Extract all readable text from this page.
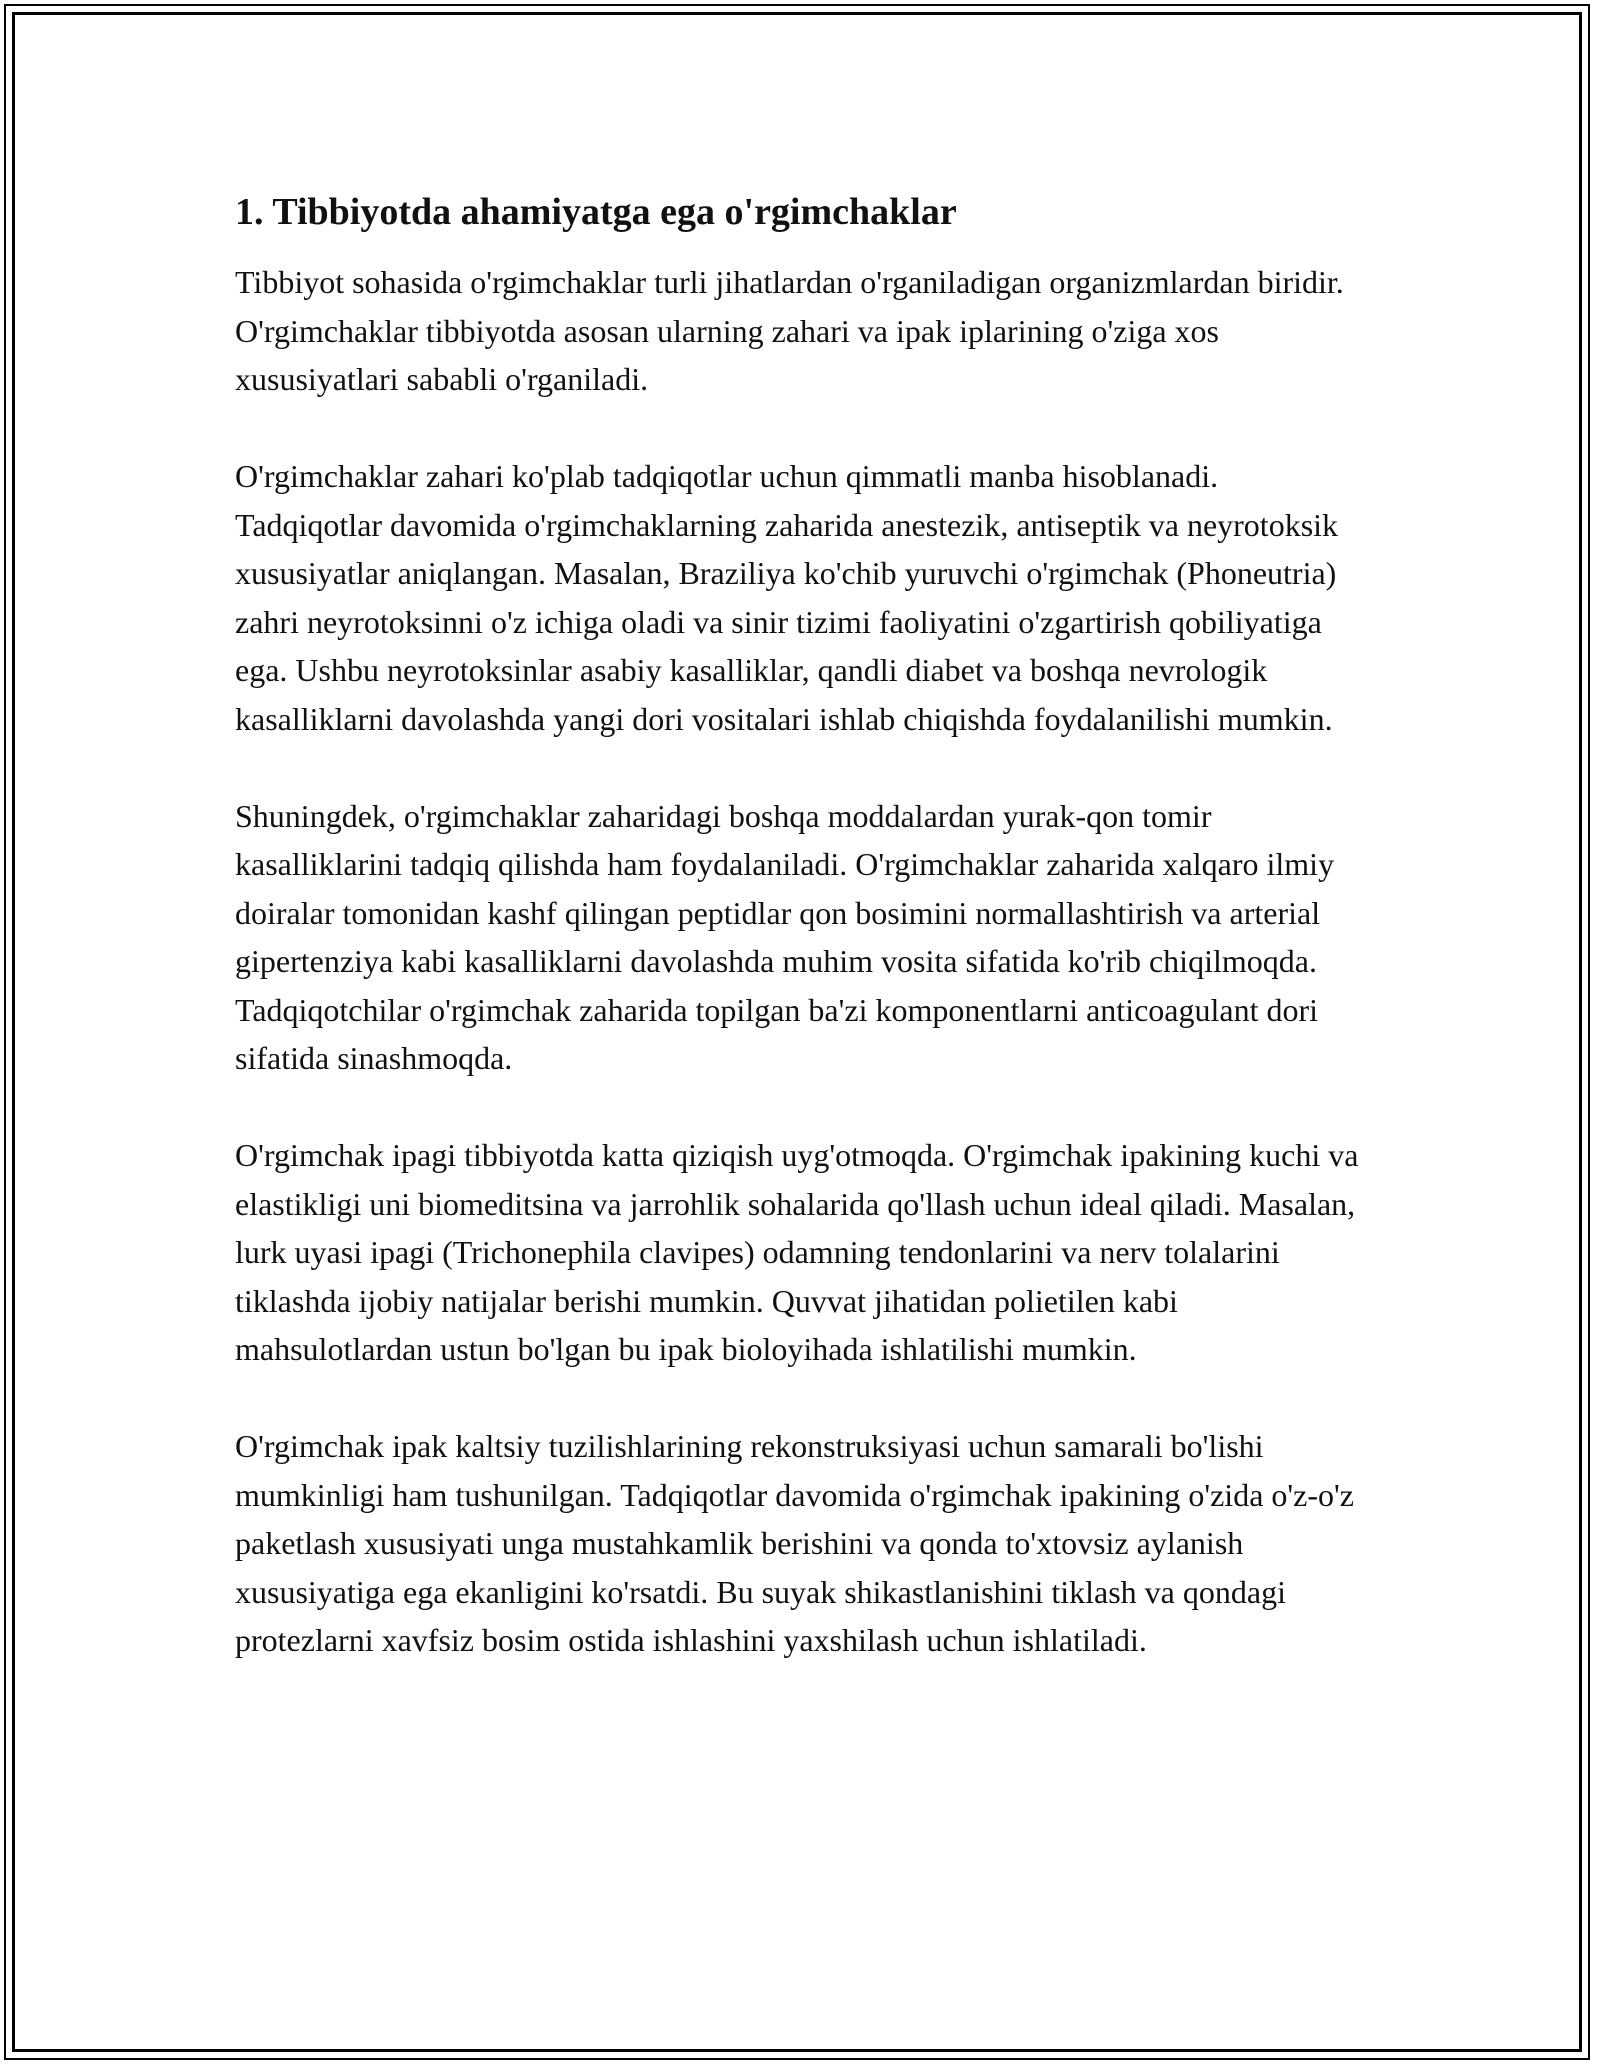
1. Tibbiyotda ahamiyatga ega o'rgimchaklar

Tibbiyot sohasida o'rgimchaklar turli jihatlardan o'rganiladigan organizmlardan biridir. O'rgimchaklar tibbiyotda asosan ularning zahari va ipak iplarining o'ziga xos xususiyatlari sababli o'rganiladi.

O'rgimchaklar zahari ko'plab tadqiqotlar uchun qimmatli manba hisoblanadi. Tadqiqotlar davomida o'rgimchaklarning zaharida anestezik, antiseptik va neyrotoksik xususiyatlar aniqlangan. Masalan, Braziliya ko'chib yuruvchi o'rgimchak (Phoneutria) zahri neyrotoksinni o'z ichiga oladi va sinir tizimi faoliyatini o'zgartirish qobiliyatiga ega. Ushbu neyrotoksinlar asabiy kasalliklar, qandli diabet va boshqa nevrologik kasalliklarni davolashda yangi dori vositalari ishlab chiqishda foydalanilishi mumkin.

Shuningdek, o'rgimchaklar zaharidagi boshqa moddalardan yurak-qon tomir kasalliklarini tadqiq qilishda ham foydalaniladi. O'rgimchaklar zaharida xalqaro ilmiy doiralar tomonidan kashf qilingan peptidlar qon bosimini normallashtirish va arterial gipertenziya kabi kasalliklarni davolashda muhim vosita sifatida ko'rib chiqilmoqda. Tadqiqotchilar o'rgimchak zaharida topilgan ba'zi komponentlarni anticoagulant dori sifatida sinashmoqda.

O'rgimchak ipagi tibbiyotda katta qiziqish uyg'otmoqda. O'rgimchak ipakining kuchi va elastikligi uni biomeditsina va jarrohlik sohalarida qo'llash uchun ideal qiladi. Masalan, lurk uyasi ipagi (Trichonephila clavipes) odamning tendonlarini va nerv tolalarini tiklashda ijobiy natijalar berishi mumkin. Quvvat jihatidan polietilen kabi mahsulotlardan ustun bo'lgan bu ipak bioloyihada ishlatilishi mumkin.

O'rgimchak ipak kaltsiy tuzilishlarining rekonstruksiyasi uchun samarali bo'lishi mumkinligi ham tushunilgan. Tadqiqotlar davomida o'rgimchak ipakining o'zida o'z-o'z paketlash xususiyati unga mustahkamlik berishini va qonda to'xtovsiz aylanish xususiyatiga ega ekanligini ko'rsatdi. Bu suyak shikastlanishini tiklash va qondagi protezlarni xavfsiz bosim ostida ishlashini yaxshilash uchun ishlatiladi.
